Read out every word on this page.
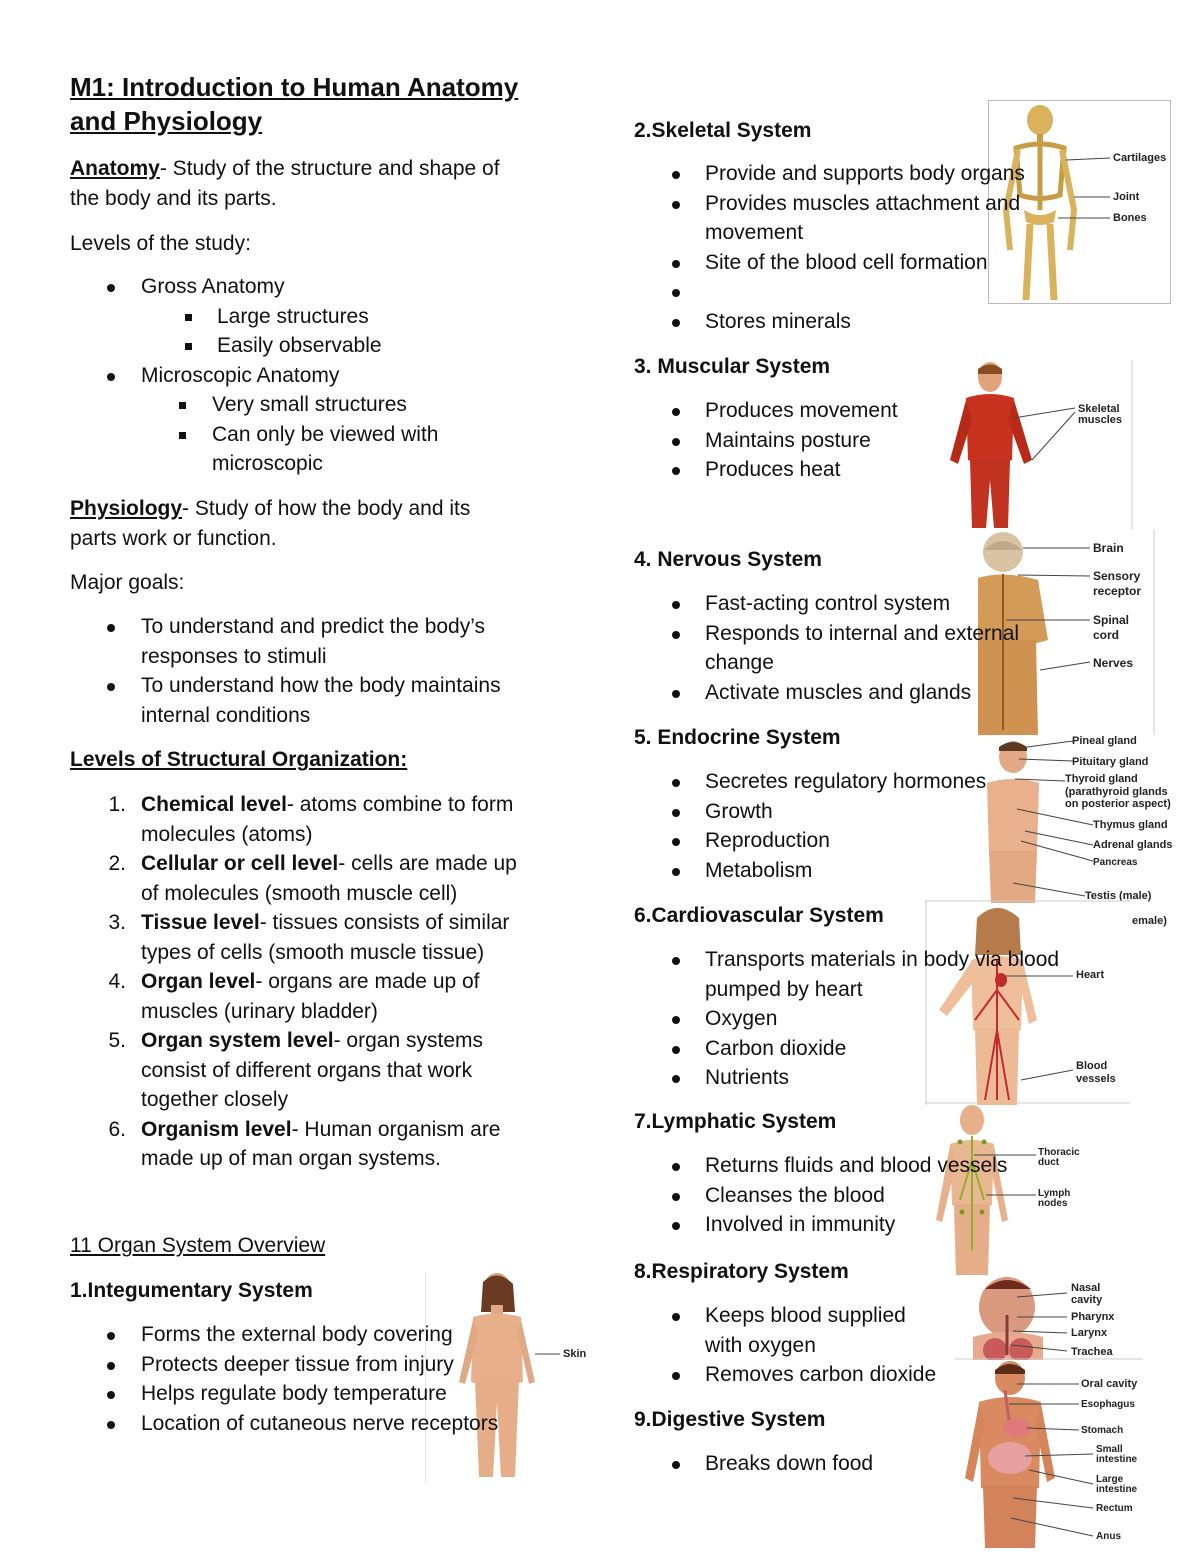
M1: Introduction to Human Anatomy
and Physiology
Anatomy- Study of the structure and shape of
the body and its parts.
Levels of the study:
Gross Anatomy
Large structures
Easily observable
Microscopic Anatomy
Very small structures
Can only be viewed with
microscopic
Physiology- Study of how the body and its
parts work or function.
Major goals:
To understand and predict the body’s
responses to stimuli
To understand how the body maintains
internal conditions
Levels of Structural Organization:
1. Chemical level- atoms combine to form
molecules (atoms)
2. Cellular or cell level- cells are made up
of molecules (smooth muscle cell)
3. Tissue level- tissues consists of similar
types of cells (smooth muscle tissue)
4. Organ level- organs are made up of
muscles (urinary bladder)
5. Organ system level- organ systems
consist of different organs that work
together closely
6. Organism level- Human organism are
made up of man organ systems.
11 Organ System Overview
1.Integumentary System
Skin
Forms the external body covering
Protects deeper tissue from injury
Helps regulate body temperature
Location of cutaneous nerve receptors
Cartilages
Joint
Bones
Skeletal
muscles
Brain
Sensory
receptor
Spinal
cord
Nerves
Pineal gland
Pituitary gland
Thyroid gland
(parathyroid glands
on posterior aspect)
Thymus gland
Adrenal glands
Pancreas
Testis (male)
emale)
Heart
Blood
vessels
Thoracic
duct
Lymph
nodes
Nasal
cavity
Pharynx
Larynx
Trachea
Oral cavity
Esophagus
Stomach
Small
intestine
Large
intestine
Rectum
Anus
2.Skeletal System
Provide and supports body organs
Provides muscles attachment and
movement
Site of the blood cell formation
Stores minerals
3. Muscular System
Produces movement
Maintains posture
Produces heat
4. Nervous System
Fast-acting control system
Responds to internal and external
change
Activate muscles and glands
5. Endocrine System
Secretes regulatory hormones
Growth
Reproduction
Metabolism
6.Cardiovascular System
Transports materials in body via blood
pumped by heart
Oxygen
Carbon dioxide
Nutrients
7.Lymphatic System
Returns fluids and blood vessels
Cleanses the blood
Involved in immunity
8.Respiratory System
Keeps blood supplied
with oxygen
Removes carbon dioxide
9.Digestive System
Breaks down food
